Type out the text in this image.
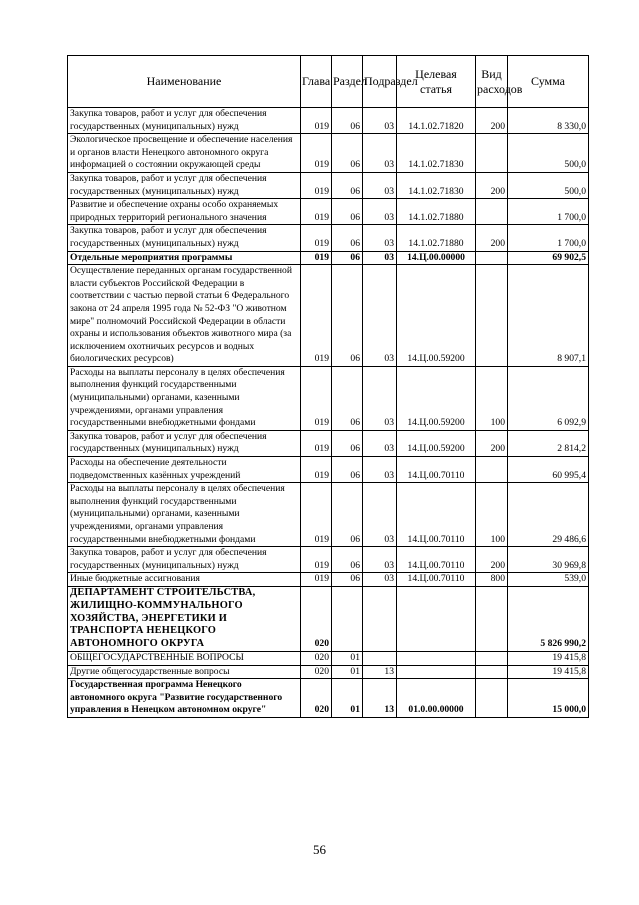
Наименование	Глава	Раздел	Подраздел	Целевая статья	Вид расходов	Сумма
Закупка товаров, работ и услуг для обеспечения государственных (муниципальных) нужд	019	06	03	14.1.02.71820	200	8 330,0
Экологическое просвещение и обеспечение населения и органов власти Ненецкого автономного округа информацией о состоянии окружающей среды	019	06	03	14.1.02.71830		500,0
Закупка товаров, работ и услуг для обеспечения государственных (муниципальных) нужд	019	06	03	14.1.02.71830	200	500,0
Развитие и обеспечение охраны особо охраняемых природных территорий регионального значения	019	06	03	14.1.02.71880		1 700,0
Закупка товаров, работ и услуг для обеспечения государственных (муниципальных) нужд	019	06	03	14.1.02.71880	200	1 700,0
Отдельные мероприятия программы	019	06	03	14.Ц.00.00000		69 902,5
Осуществление переданных органам государственной власти субъектов Российской Федерации в соответствии с частью первой статьи 6 Федерального закона от 24 апреля 1995 года № 52-ФЗ "О животном мире" полномочий Российской Федерации в области охраны и использования объектов животного мира (за исключением охотничьих ресурсов и водных биологических ресурсов)	019	06	03	14.Ц.00.59200		8 907,1
Расходы на выплаты персоналу в целях обеспечения выполнения функций государственными (муниципальными) органами, казенными учреждениями, органами управления государственными внебюджетными фондами	019	06	03	14.Ц.00.59200	100	6 092,9
Закупка товаров, работ и услуг для обеспечения государственных (муниципальных) нужд	019	06	03	14.Ц.00.59200	200	2 814,2
Расходы на обеспечение деятельности подведомственных казённых учреждений	019	06	03	14.Ц.00.70110		60 995,4
Расходы на выплаты персоналу в целях обеспечения выполнения функций государственными (муниципальными) органами, казенными учреждениями, органами управления государственными внебюджетными фондами	019	06	03	14.Ц.00.70110	100	29 486,6
Закупка товаров, работ и услуг для обеспечения государственных (муниципальных) нужд	019	06	03	14.Ц.00.70110	200	30 969,8
Иные бюджетные ассигнования	019	06	03	14.Ц.00.70110	800	539,0
ДЕПАРТАМЕНТ СТРОИТЕЛЬСТВА, ЖИЛИЩНО-КОММУНАЛЬНОГО ХОЗЯЙСТВА, ЭНЕРГЕТИКИ И ТРАНСПОРТА НЕНЕЦКОГО АВТОНОМНОГО ОКРУГА	020					5 826 990,2
ОБЩЕГОСУДАРСТВЕННЫЕ ВОПРОСЫ	020	01				19 415,8
Другие общегосударственные вопросы	020	01	13			19 415,8
Государственная программа Ненецкого автономного округа "Развитие государственного управления в Ненецком автономном округе"	020	01	13	01.0.00.00000		15 000,0
56
